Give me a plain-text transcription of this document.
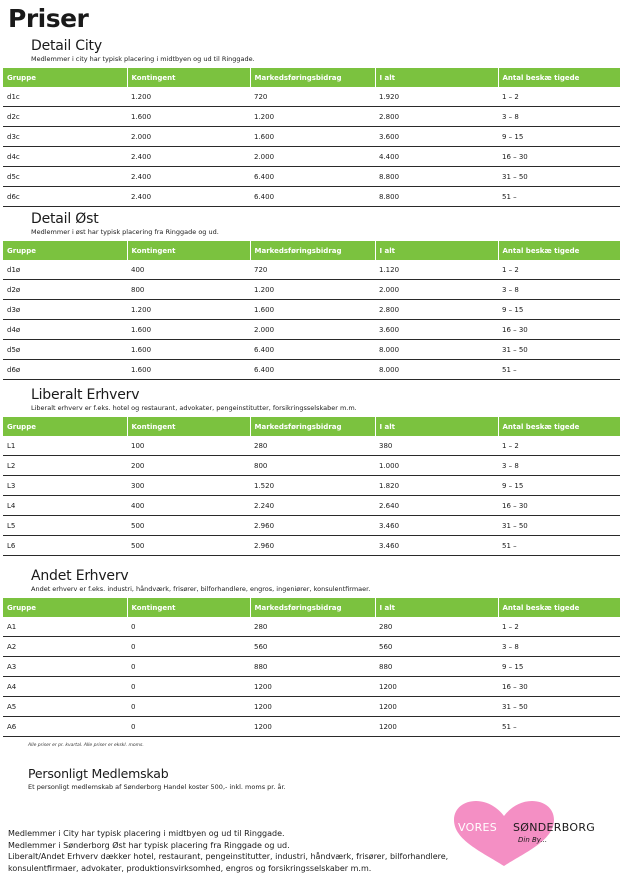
Priser
Detail City
Medlemmer i city har typisk placering i midtbyen og ud til Ringgade.
Gruppe	Kontingent	Markedsføringsbidrag	I alt	Antal beskæ tigede
d1c	1.200	720	1.920	1 – 2
d2c	1.600	1.200	2.800	3 – 8
d3c	2.000	1.600	3.600	9 – 15
d4c	2.400	2.000	4.400	16 – 30
d5c	2.400	6.400	8.800	31 – 50
d6c	2.400	6.400	8.800	51 –
Detail Øst
Medlemmer i øst har typisk placering fra Ringgade og ud.
Gruppe	Kontingent	Markedsføringsbidrag	I alt	Antal beskæ tigede
d1ø	400	720	1.120	1 – 2
d2ø	800	1.200	2.000	3 – 8
d3ø	1.200	1.600	2.800	9 – 15
d4ø	1.600	2.000	3.600	16 – 30
d5ø	1.600	6.400	8.000	31 – 50
d6ø	1.600	6.400	8.000	51 –
Liberalt Erhverv
Liberalt erhverv er f.eks. hotel og restaurant, advokater, pengeinstitutter, forsikringsselskaber m.m.
Gruppe	Kontingent	Markedsføringsbidrag	I alt	Antal beskæ tigede
L1	100	280	380	1 – 2
L2	200	800	1.000	3 – 8
L3	300	1.520	1.820	9 – 15
L4	400	2.240	2.640	16 – 30
L5	500	2.960	3.460	31 – 50
L6	500	2.960	3.460	51 –
Andet Erhverv
Andet erhverv er f.eks. industri, håndværk, frisører, bilforhandlere, engros, ingeniører, konsulentfirmaer.
Gruppe	Kontingent	Markedsføringsbidrag	I alt	Antal beskæ tigede
A1	0	280	280	1 – 2
A2	0	560	560	3 – 8
A3	0	880	880	9 – 15
A4	0	1200	1200	16 – 30
A5	0	1200	1200	31 – 50
A6	0	1200	1200	51 –
Alle priser er pr. kvartal. Alle priser er ekskl. moms.
Personligt Medlemskab
Et personligt medlemskab af Sønderborg Handel koster 500,- inkl. moms pr. år.
Medlemmer i City har typisk placering i midtbyen og ud til Ringgade.
Medlemmer i Sønderborg Øst har typisk placering fra Ringgade og ud.
Liberalt/Andet Erhverv dækker hotel, restaurant, pengeinstitutter, industri, håndværk, frisører, bilforhandlere,
konsulentfirmaer, advokater, produktionsvirksomhed, engros og forsikringsselskaber m.m.
VORES SØNDERBORG
Din By...
